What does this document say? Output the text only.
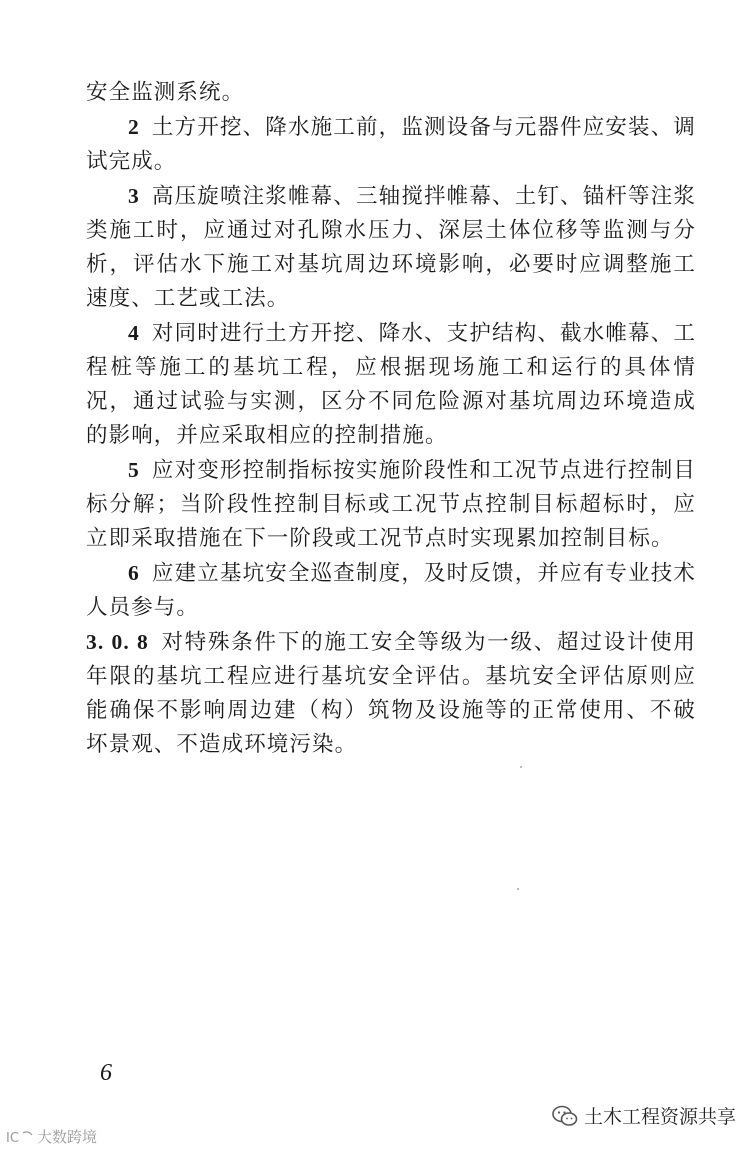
安全监测系统。

2 土方开挖、降水施工前，监测设备与元器件应安装、调试完成。

3 高压旋喷注浆帷幕、三轴搅拌帷幕、土钉、锚杆等注浆类施工时，应通过对孔隙水压力、深层土体位移等监测与分析，评估水下施工对基坑周边环境影响，必要时应调整施工速度、工艺或工法。

4 对同时进行土方开挖、降水、支护结构、截水帷幕、工程桩等施工的基坑工程，应根据现场施工和运行的具体情况，通过试验与实测，区分不同危险源对基坑周边环境造成的影响，并应采取相应的控制措施。

5 应对变形控制指标按实施阶段性和工况节点进行控制目标分解；当阶段性控制目标或工况节点控制目标超标时，应立即采取措施在下一阶段或工况节点时实现累加控制目标。

6 应建立基坑安全巡查制度，及时反馈，并应有专业技术人员参与。

3. 0. 8 对特殊条件下的施工安全等级为一级、超过设计使用年限的基坑工程应进行基坑安全评估。基坑安全评估原则应能确保不影响周边建（构）筑物及设施等的正常使用、不破坏景观、不造成环境污染。

6
土木工程资源共享
IC 大数跨境
